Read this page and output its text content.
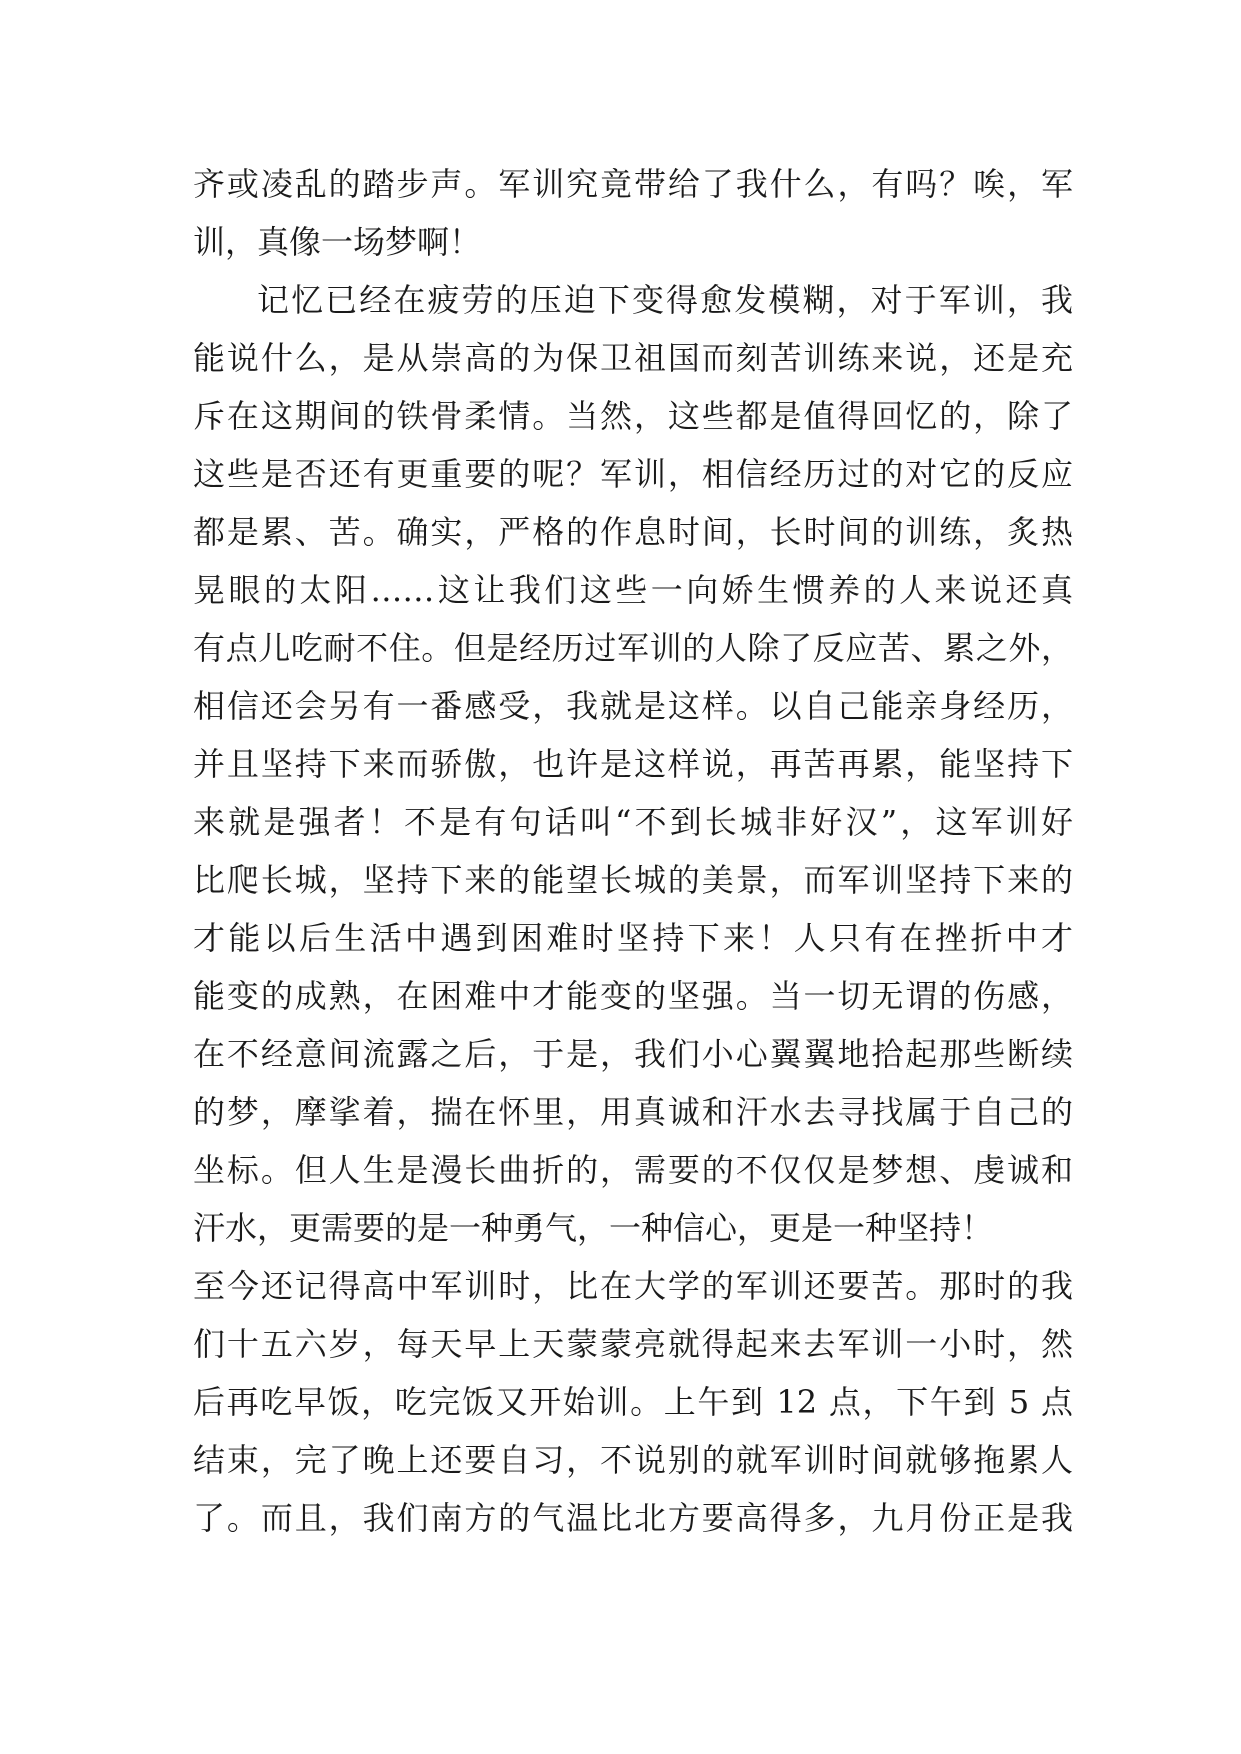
齐或凌乱的踏步声。军训究竟带给了我什么，有吗？唉，军
训，真像一场梦啊！
记忆已经在疲劳的压迫下变得愈发模糊，对于军训，我
能说什么，是从崇高的为保卫祖国而刻苦训练来说，还是充
斥在这期间的铁骨柔情。当然，这些都是值得回忆的，除了
这些是否还有更重要的呢？军训，相信经历过的对它的反应
都是累、苦。确实，严格的作息时间，长时间的训练，炙热
晃眼的太阳……这让我们这些一向娇生惯养的人来说还真
有点儿吃耐不住。但是经历过军训的人除了反应苦、累之外，
相信还会另有一番感受，我就是这样。以自己能亲身经历，
并且坚持下来而骄傲，也许是这样说，再苦再累，能坚持下
来就是强者！不是有句话叫“不到长城非好汉”，这军训好
比爬长城，坚持下来的能望长城的美景，而军训坚持下来的
才能以后生活中遇到困难时坚持下来！人只有在挫折中才
能变的成熟，在困难中才能变的坚强。当一切无谓的伤感，
在不经意间流露之后，于是，我们小心翼翼地拾起那些断续
的梦，摩挲着，揣在怀里，用真诚和汗水去寻找属于自己的
坐标。但人生是漫长曲折的，需要的不仅仅是梦想、虔诚和
汗水，更需要的是一种勇气，一种信心，更是一种坚持！
至今还记得高中军训时，比在大学的军训还要苦。那时的我
们十五六岁，每天早上天蒙蒙亮就得起来去军训一小时，然
后再吃早饭，吃完饭又开始训。上午到 12 点，下午到 5 点
结束，完了晚上还要自习，不说别的就军训时间就够拖累人
了。而且，我们南方的气温比北方要高得多，九月份正是我
